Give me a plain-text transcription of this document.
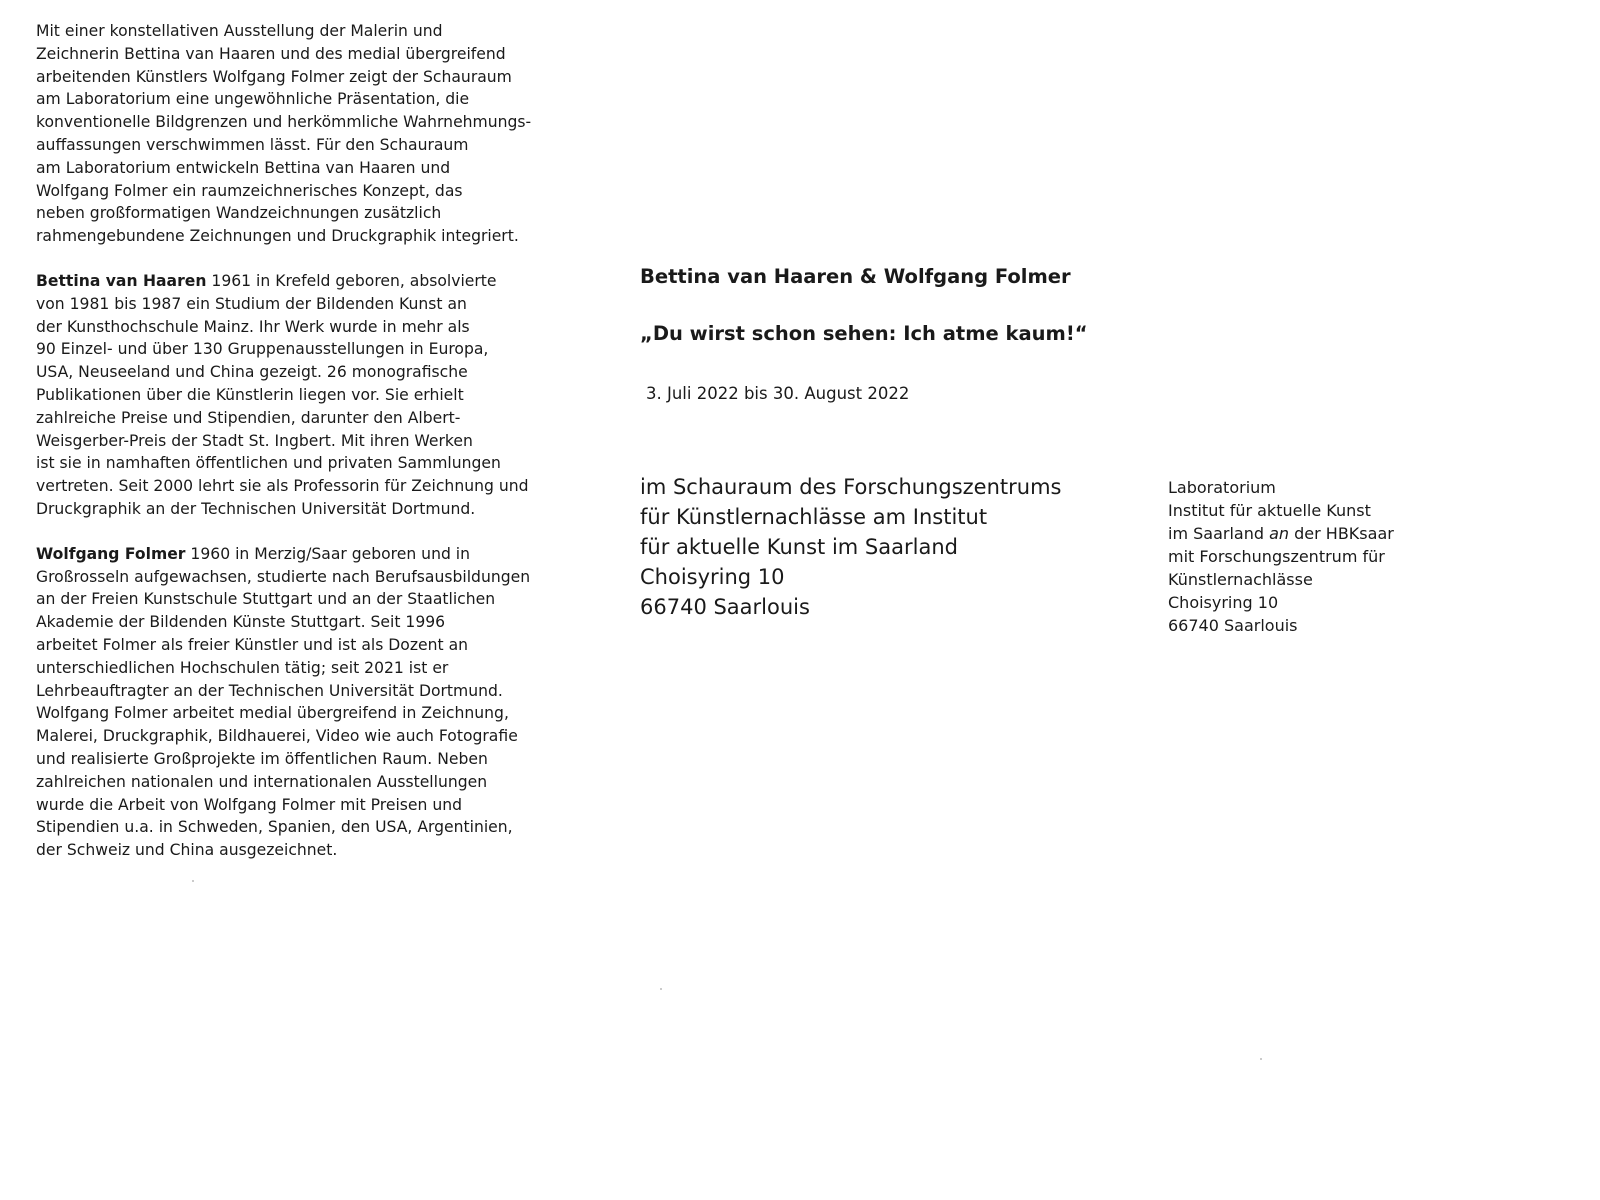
Mit einer konstellativen Ausstellung der Malerin und
Zeichnerin Bettina van Haaren und des medial übergreifend
arbeitenden Künstlers Wolfgang Folmer zeigt der Schauraum
am Laboratorium eine ungewöhnliche Präsentation, die
konventionelle Bildgrenzen und herkömmliche Wahrnehmungs-
auffassungen verschwimmen lässt. Für den Schauraum
am Laboratorium entwickeln Bettina van Haaren und
Wolfgang Folmer ein raumzeichnerisches Konzept, das
neben großformatigen Wandzeichnungen zusätzlich
rahmengebundene Zeichnungen und Druckgraphik integriert.

Bettina van Haaren 1961 in Krefeld geboren, absolvierte
von 1981 bis 1987 ein Studium der Bildenden Kunst an
der Kunsthochschule Mainz. Ihr Werk wurde in mehr als
90 Einzel- und über 130 Gruppenausstellungen in Europa,
USA, Neuseeland und China gezeigt. 26 monografische
Publikationen über die Künstlerin liegen vor. Sie erhielt
zahlreiche Preise und Stipendien, darunter den Albert-
Weisgerber-Preis der Stadt St. Ingbert. Mit ihren Werken
ist sie in namhaften öffentlichen und privaten Sammlungen
vertreten. Seit 2000 lehrt sie als Professorin für Zeichnung und
Druckgraphik an der Technischen Universität Dortmund.

Wolfgang Folmer 1960 in Merzig/Saar geboren und in
Großrosseln aufgewachsen, studierte nach Berufsausbildungen
an der Freien Kunstschule Stuttgart und an der Staatlichen
Akademie der Bildenden Künste Stuttgart. Seit 1996
arbeitet Folmer als freier Künstler und ist als Dozent an
unterschiedlichen Hochschulen tätig; seit 2021 ist er
Lehrbeauftragter an der Technischen Universität Dortmund.
Wolfgang Folmer arbeitet medial übergreifend in Zeichnung,
Malerei, Druckgraphik, Bildhauerei, Video wie auch Fotografie
und realisierte Großprojekte im öffentlichen Raum. Neben
zahlreichen nationalen und internationalen Ausstellungen
wurde die Arbeit von Wolfgang Folmer mit Preisen und
Stipendien u.a. in Schweden, Spanien, den USA, Argentinien,
der Schweiz und China ausgezeichnet.

Bettina van Haaren & Wolfgang Folmer
„Du wirst schon sehen: Ich atme kaum!“
3. Juli 2022 bis 30. August 2022
im Schauraum des Forschungszentrums
für Künstlernachlässe am Institut
für aktuelle Kunst im Saarland
Choisyring 10
66740 Saarlouis
Laboratorium
Institut für aktuelle Kunst
im Saarland an der HBKsaar
mit Forschungszentrum für
Künstlernachlässe
Choisyring 10
66740 Saarlouis
